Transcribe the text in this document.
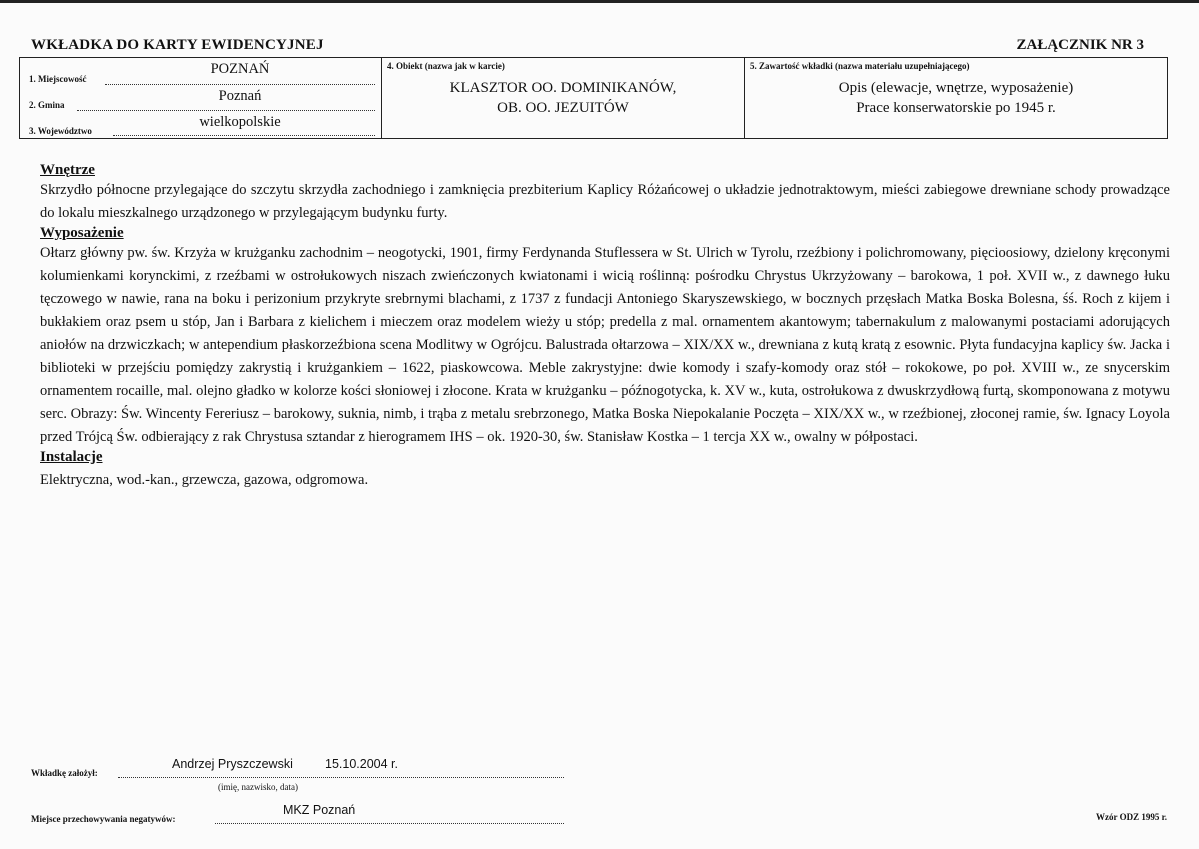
WKŁADKA DO KARTY EWIDENCYJNEJ	ZAŁĄCZNIK NR 3
1. Miejscowość
POZNAŃ
2. Gmina
Poznań
3. Województwo
wielkopolskie
4. Obiekt (nazwa jak w karcie)
KLASZTOR OO. DOMINIKANÓW,
OB. OO. JEZUITÓW
5. Zawartość wkładki (nazwa materiału uzupełniającego)
Opis (elewacje, wnętrze, wyposażenie)
Prace konserwatorskie po 1945 r.
Wnętrze
Skrzydło północne przylegające do szczytu skrzydła zachodniego i zamknięcia prezbiterium Kaplicy Różańcowej o układzie jednotraktowym, mieści zabiegowe drewniane schody prowadzące do lokalu mieszkalnego urządzonego w przylegającym budynku furty.
Wyposażenie
Ołtarz główny pw. św. Krzyża w krużganku zachodnim – neogotycki, 1901, firmy Ferdynanda Stuflessera w St. Ulrich w Tyrolu, rzeźbiony i polichromowany, pięcioosiowy, dzielony kręconymi kolumienkami korynckimi, z rzeźbami w ostrołukowych niszach zwieńczonych kwiatonami i wicią roślinną: pośrodku Chrystus Ukrzyżowany – barokowa, 1 poł. XVII w., z dawnego łuku tęczowego w nawie, rana na boku i perizonium przykryte srebrnymi blachami, z 1737 z fundacji Antoniego Skaryszewskiego, w bocznych przęsłach Matka Boska Bolesna, śś. Roch z kijem i bukłakiem oraz psem u stóp, Jan i Barbara z kielichem i mieczem oraz modelem wieży u stóp; predella z mal. ornamentem akantowym; tabernakulum z malowanymi postaciami adorujących aniołów na drzwiczkach; w antependium płaskorzeźbiona scena Modlitwy w Ogrójcu. Balustrada ołtarzowa – XIX/XX w., drewniana z kutą kratą z esownic. Płyta fundacyjna kaplicy św. Jacka i biblioteki w przejściu pomiędzy zakrystią i krużgankiem – 1622, piaskowcowa. Meble zakrystyjne: dwie komody i szafy-komody oraz stół – rokokowe, po poł. XVIII w., ze snycerskim ornamentem rocaille, mal. olejno gładko w kolorze kości słoniowej i złocone. Krata w krużganku – późnogotycka, k. XV w., kuta, ostrołukowa z dwuskrzydłową furtą, skomponowana z motywu serc. Obrazy: Św. Wincenty Fereriusz – barokowy, suknia, nimb, i trąba z metalu srebrzonego, Matka Boska Niepokalanie Poczęta – XIX/XX w., w rzeźbionej, złoconej ramie, św. Ignacy Loyola przed Trójcą Św. odbierający z rak Chrystusa sztandar z hierogramem IHS – ok. 1920-30, św. Stanisław Kostka – 1 tercja XX w., owalny w półpostaci.
Instalacje
Elektryczna, wod.-kan., grzewcza, gazowa, odgromowa.
Wkładkę założył:
Andrzej Pryszczewski	15.10.2004 r.
(imię, nazwisko, data)
Miejsce przechowywania negatywów:
MKZ Poznań	Wzór ODZ 1995 r.
